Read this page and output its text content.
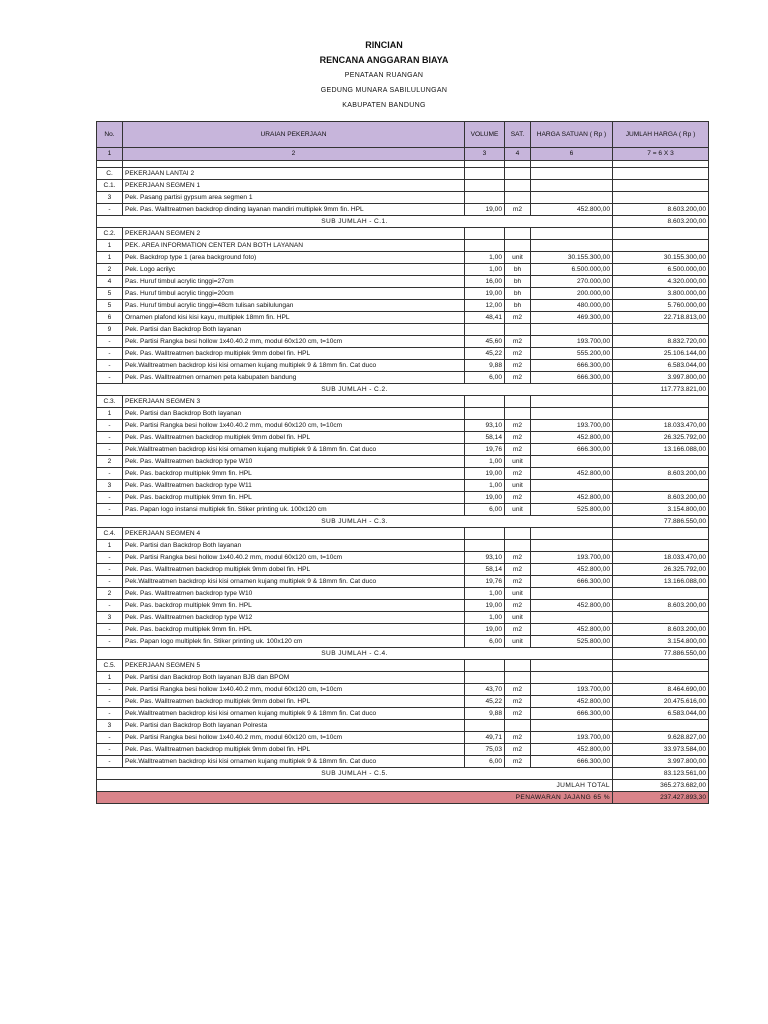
RINCIAN
RENCANA ANGGARAN BIAYA
PENATAAN RUANGAN
GEDUNG MUNARA SABILULUNGAN
KABUPATEN BANDUNG
No.	URAIAN PEKERJAAN	VOLUME	SAT.	HARGA SATUAN ( Rp )	JUMLAH HARGA ( Rp )
1	2	3	4	6	7 = 6 X 3

C.	PEKERJAAN LANTAI 2				
C.1.	PEKERJAAN SEGMEN 1				
3	Pek. Pasang partisi gypsum area segmen 1				
-	Pek. Pas. Walltreatmen backdrop dinding layanan mandiri multiplek 9mm fin. HPL	19,00	m2	452.800,00	8.603.200,00
SUB JUMLAH - C.1.					8.603.200,00
C.2.	PEKERJAAN SEGMEN 2				
1	PEK. AREA INFORMATION CENTER DAN BOTH LAYANAN				
1	Pek. Backdrop type 1 (area background foto)	1,00	unit	30.155.300,00	30.155.300,00
2	Pek. Logo acrilyc	1,00	bh	6.500.000,00	6.500.000,00
4	Pas. Huruf timbul acrylic tinggi=27cm	16,00	bh	270.000,00	4.320.000,00
5	Pas. Huruf timbul acrylic tinggi=20cm	19,00	bh	200.000,00	3.800.000,00
5	Pas. Huruf timbul acrylic tinggi=48cm tulisan sabilulungan	12,00	bh	480.000,00	5.760.000,00
6	Ornamen plafond kisi kisi kayu, multiplek 18mm fin. HPL	48,41	m2	469.300,00	22.718.813,00
9	Pek. Partisi dan Backdrop Both layanan				
-	Pek. Partisi Rangka besi hollow 1x40.40.2 mm, modul 60x120 cm, t=10cm	45,60	m2	193.700,00	8.832.720,00
-	Pek. Pas. Walltreatmen backdrop multiplek 9mm dobel fin. HPL	45,22	m2	555.200,00	25.106.144,00
-	Pek.Walltreatmen backdrop kisi kisi ornamen kujang multiplek 9 & 18mm fin. Cat duco	9,88	m2	666.300,00	6.583.044,00
-	Pek. Pas. Walltreatmen ornamen peta kabupaten bandung	6,00	m2	666.300,00	3.997.800,00
SUB JUMLAH - C.2.					117.773.821,00
C.3.	PEKERJAAN SEGMEN 3				
1	Pek. Partisi dan Backdrop Both layanan				
-	Pek. Partisi Rangka besi hollow 1x40.40.2 mm, modul 60x120 cm, t=10cm	93,10	m2	193.700,00	18.033.470,00
-	Pek. Pas. Walltreatmen backdrop multiplek 9mm dobel fin. HPL	58,14	m2	452.800,00	26.325.792,00
-	Pek.Walltreatmen backdrop kisi kisi ornamen kujang multiplek 9 & 18mm fin. Cat duco	19,76	m2	666.300,00	13.166.088,00
2	Pek. Pas. Walltreatmen backdrop type W10	1,00	unit		
-	Pek. Pas. backdrop multiplek 9mm fin. HPL	19,00	m2	452.800,00	8.603.200,00
3	Pek. Pas. Walltreatmen backdrop type W11	1,00	unit		
-	Pek. Pas. backdrop multiplek 9mm fin. HPL	19,00	m2	452.800,00	8.603.200,00
-	Pas. Papan logo instansi multiplek fin. Stiker printing uk. 100x120 cm	6,00	unit	525.800,00	3.154.800,00
SUB JUMLAH - C.3.					77.886.550,00
C.4.	PEKERJAAN SEGMEN 4				
1	Pek. Partisi dan Backdrop Both layanan				
-	Pek. Partisi Rangka besi hollow 1x40.40.2 mm, modul 60x120 cm, t=10cm	93,10	m2	193.700,00	18.033.470,00
-	Pek. Pas. Walltreatmen backdrop multiplek 9mm dobel fin. HPL	58,14	m2	452.800,00	26.325.792,00
-	Pek.Walltreatmen backdrop kisi kisi ornamen kujang multiplek 9 & 18mm fin. Cat duco	19,76	m2	666.300,00	13.166.088,00
2	Pek. Pas. Walltreatmen backdrop type W10	1,00	unit		
-	Pek. Pas. backdrop multiplek 9mm fin. HPL	19,00	m2	452.800,00	8.603.200,00
3	Pek. Pas. Walltreatmen backdrop type W12	1,00	unit		
-	Pek. Pas. backdrop multiplek 9mm fin. HPL	19,00	m2	452.800,00	8.603.200,00
-	Pas. Papan logo multiplek fin. Stiker printing uk. 100x120 cm	6,00	unit	525.800,00	3.154.800,00
SUB JUMLAH - C.4.					77.886.550,00
C.5.	PEKERJAAN SEGMEN 5				
1	Pek. Partisi dan Backdrop Both layanan BJB dan BPOM				
-	Pek. Partisi Rangka besi hollow 1x40.40.2 mm, modul 60x120 cm, t=10cm	43,70	m2	193.700,00	8.464.690,00
-	Pek. Pas. Walltreatmen backdrop multiplek 9mm dobel fin. HPL	45,22	m2	452.800,00	20.475.616,00
-	Pek.Walltreatmen backdrop kisi kisi ornamen kujang multiplek 9 & 18mm fin. Cat duco	9,88	m2	666.300,00	6.583.044,00
3	Pek. Partisi dan Backdrop Both layanan Polresta				
-	Pek. Partisi Rangka besi hollow 1x40.40.2 mm, modul 60x120 cm, t=10cm	49,71	m2	193.700,00	9.628.827,00
-	Pek. Pas. Walltreatmen backdrop multiplek 9mm dobel fin. HPL	75,03	m2	452.800,00	33.973.584,00
-	Pek.Walltreatmen backdrop kisi kisi ornamen kujang multiplek 9 & 18mm fin. Cat duco	6,00	m2	666.300,00	3.997.800,00
SUB JUMLAH - C.5.					83.123.561,00
JUMLAH TOTAL					365.273.682,00
PENAWARAN JAJANG 65 %					237.427.893,30
